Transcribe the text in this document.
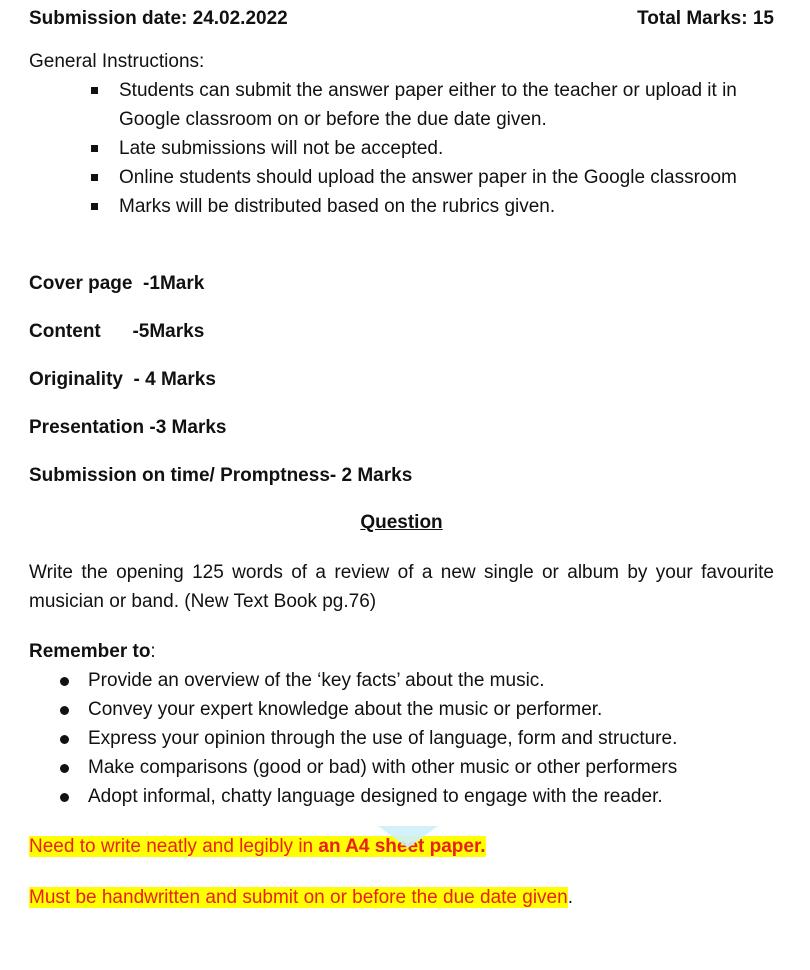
Submission date: 24.02.2022	Total Marks: 15
General Instructions:
Students can submit the answer paper either to the teacher or upload it in Google classroom on or before the due date given.
Late submissions will not be accepted.
Online students should upload the answer paper in the Google classroom
Marks will be distributed based on the rubrics given.
Cover page -1Mark
Content -5Marks
Originality - 4 Marks
Presentation -3 Marks
Submission on time/ Promptness- 2 Marks
Question
Write the opening 125 words of a review of a new single or album by your favourite musician or band. (New Text Book pg.76)
Remember to:
Provide an overview of the ‘key facts’ about the music.
Convey your expert knowledge about the music or performer.
Express your opinion through the use of language, form and structure.
Make comparisons (good or bad) with other music or other performers
Adopt informal, chatty language designed to engage with the reader.
Need to write neatly and legibly in an A4 sheet paper.
Must be handwritten and submit on or before the due date given.
